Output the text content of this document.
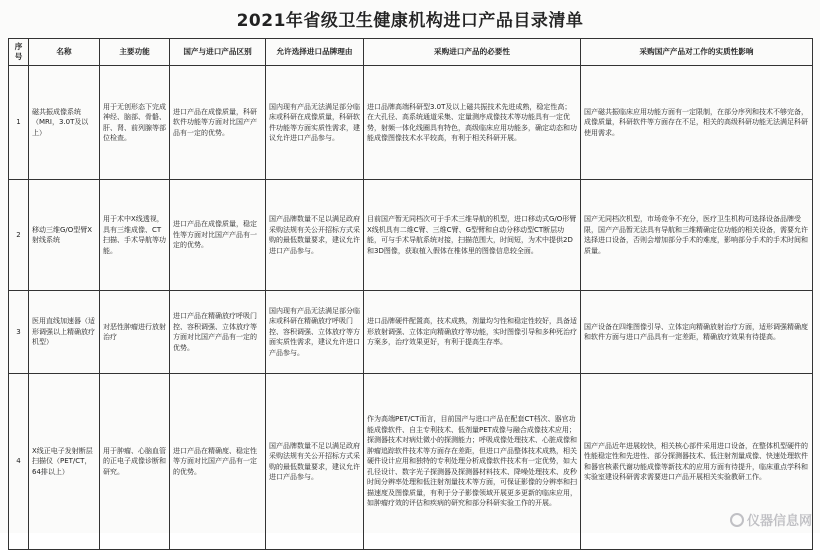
2021年省级卫生健康机构进口产品目录清单
序号	名称	主要功能	国产与进口产品区别	允许选择进口品牌理由	采购进口产品的必要性	采购国产产品对工作的实质性影响
1	磁共振成像系统（MRI，3.0T及以上）	用于无创形态下完成神经、脑部、骨骼、肝、肾、前列腺等部位检查。	进口产品在成像质量，科研软件功能等方面对比国产产品有一定的优势。	国内现有产品无法满足部分临床或科研在成像质量，科研软件功能等方面实质性需求，建议允许进口产品参与。	进口品牌高端科研型3.0T及以上磁共振技术先进成熟，稳定性高；在大孔径、高系统通道采集、定量测序成像技术等功能具有一定优势，射频一体化线圈具有特色，高级临床应用功能多，确定动态和功能成像图像技术水平较高，有利于相关科研开展。	国产磁共振临床应用功能方面有一定限制，在部分序列和技术不够完备，成像质量，科研软件等方面存在不足，相关的高级科研功能无法满足科研使用需求。
2	移动三维G/O型臂X射线系统	用于术中X线透视，具有三维成像、CT扫描、手术导航等功能。	进口产品在成像质量，稳定性等方面对比国产产品有一定的优势。	国产品牌数量不足以满足政府采购法规有关公开招标方式采购的最低数量要求，建议允许进口产品参与。	目前国产暂无同档次可于手术三维导航的机型，进口移动式G/O形臂X线机具有二维C臂、三维C臂、G型臂和自动分移动型CT断层功能，可与手术导航系统对接，扫描范围大，时间短，为术中提供2D和3D图像，获取植入假体在椎体里的图像信息较全面。	国产无同档次机型，市场竞争不充分，医疗卫生机构可选择设备品牌受限，国产产品暂无法具有导航和三维精确定位功能的相关设备，需要允许选择进口设备，否则会增加部分手术的难度，影响部分手术的手术时间和质量。
3	医用直线加速器（适形调强以上精确放疗机型）	对恶性肿瘤进行放射治疗	进口产品在精确放疗呼吸门控、容积调强、立体放疗等方面对比国产产品有一定的优势。	国内现有产品无法满足部分临床或科研在精确放疗呼吸门控、容积调强、立体放疗等方面实质性需求，建议允许进口产品参与。	进口品牌硬件配置高，技术成熟，剂量均匀性和稳定性较好，具备适形放射调强、立体定向精确放疗等功能，实时图像引导和多种死治疗方案多，治疗效果更好，有利于提高生存率。	国产设备在四维图像引导、立体定向精确放射治疗方面，适形调强精确度和软件方面与进口产品具有一定差距，精确放疗效果有待提高。
4	X线正电子发射断层扫描仪（PET/CT，64排以上）	用于肿瘤、心脑血管的正电子成像诊断和研究。	进口产品在精确度、稳定性等方面对比国产产品有一定的优势。	国产品牌数量不足以满足政府采购法规有关公开招标方式采购的最低数量要求，建议允许进口产品参与。	作为高端PET/CT而言，目前国产与进口产品在配套CT档次、器官功能成像软件、自主专利技术、低剂量PET成像与融合成像技术应用；探测器技术对病灶微小的探测能力；呼吸成像处理技术、心脏成像和肿瘤追踪软件技术等方面存在差距，但进口产品整体技术成熟，相关硬件设计应用和独特的专利处理分析成像软件技术有一定优势，如大孔径设计、数字光子探测器及探测器材料技术、降噪处理技术、皮秒时间分辨率处理和低注射剂量技术等方面，可保证影像的分辨率和扫描速度及图像质量，有利于分子影像领域开展更多更新的临床应用，如肿瘤疗效的评估和疾病的研究和部分科研实验工作的开展。	国产产品近年进展较快，相关核心部件采用进口设备，在整体机型硬件的性能稳定性和先进性、部分探测器技术、低注射剂量成像、快速处理软件和器官核素代谢功能成像等新技术的应用方面有待提升，临床重点学科和实验室建设科研需求需要进口产品开展相关实验教研工作。
仪器信息网
